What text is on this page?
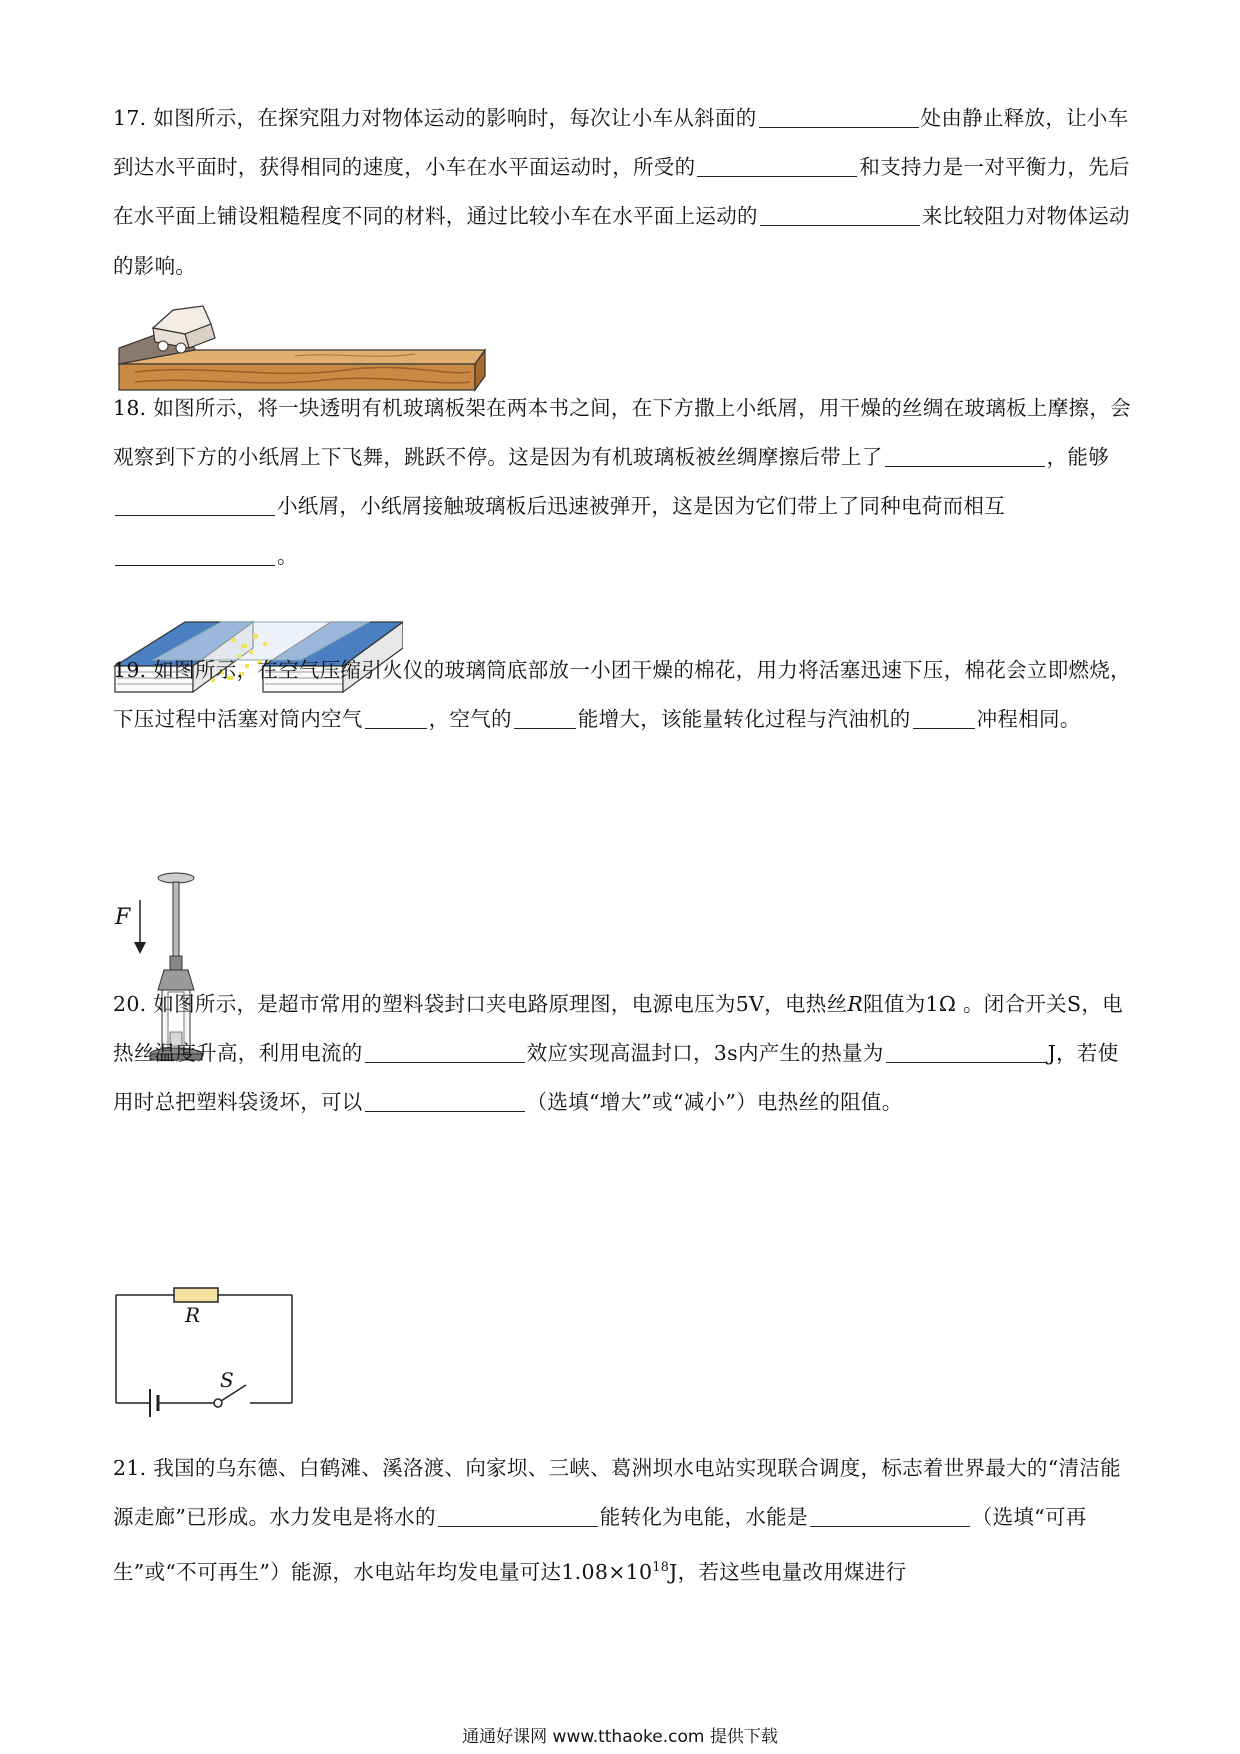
17. 如图所示，在探究阻力对物体运动的影响时，每次让小车从斜面的	处由静止释放，让小车到达水平面时，获得相同的速度，小车在水平面运动时，所受的	和支持力是一对平衡力，先后在水平面上铺设粗糙程度不同的材料，通过比较小车在水平面上运动的	来比较阻力对物体运动的影响。
18. 如图所示，将一块透明有机玻璃板架在两本书之间，在下方撒上小纸屑，用干燥的丝绸在玻璃板上摩擦，会观察到下方的小纸屑上下飞舞，跳跃不停。这是因为有机玻璃板被丝绸摩擦后带上了	，能够小纸屑，小纸屑接触玻璃板后迅速被弹开，这是因为它们带上了同种电荷而相互。
19. 如图所示，在空气压缩引火仪的玻璃筒底部放一小团干燥的棉花，用力将活塞迅速下压，棉花会立即燃烧，下压过程中活塞对筒内空气	，空气的	能增大，该能量转化过程与汽油机的	冲程相同。
F
20. 如图所示，是超市常用的塑料袋封口夹电路原理图，电源电压为5V，电热丝R阻值为1Ω 。闭合开关S，电热丝温度升高，利用电流的	效应实现高温封口，3s内产生的热量为	J，若使用时总把塑料袋烫坏，可以	（选填“增大”或“减小”）电热丝的阻值。
R
S
21. 我国的乌东德、白鹤滩、溪洛渡、向家坝、三峡、葛洲坝水电站实现联合调度，标志着世界最大的“清洁能源走廊”已形成。水力发电是将水的	能转化为电能，水能是	（选填“可再生”或“不可再生”）能源，水电站年均发电量可达$1.08\times 10^{18}J$，若这些电量改用煤进行
通通好课网 www.tthaoke.com 提供下载
